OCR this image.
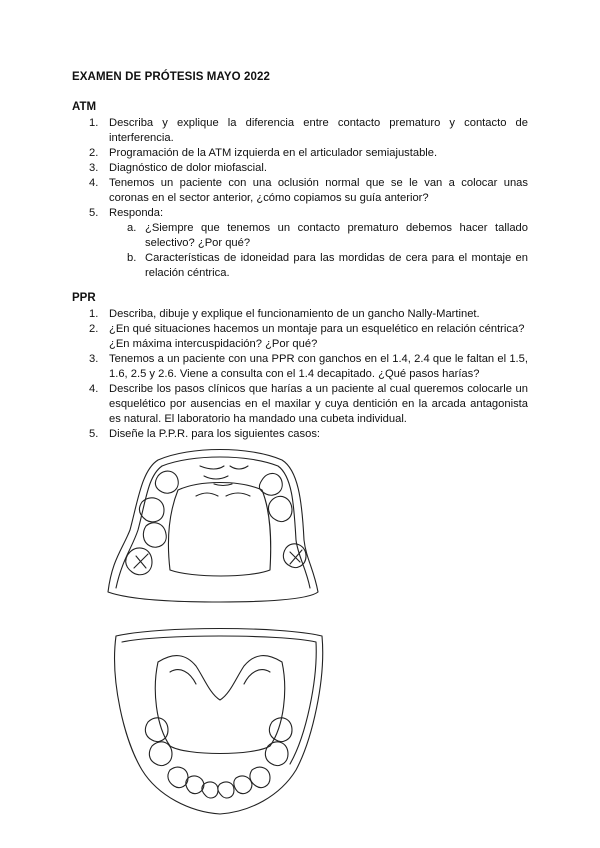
EXAMEN DE PRÓTESIS MAYO 2022
ATM
1. Describa y explique la diferencia entre contacto prematuro y contacto de interferencia.
2. Programación de la ATM izquierda en el articulador semiajustable.
3. Diagnóstico de dolor miofascial.
4. Tenemos un paciente con una oclusión normal que se le van a colocar unas coronas en el sector anterior, ¿cómo copiamos su guía anterior?
5. Responda:
a. ¿Siempre que tenemos un contacto prematuro debemos hacer tallado selectivo? ¿Por qué?
b. Características de idoneidad para las mordidas de cera para el montaje en relación céntrica.
PPR
1. Describa, dibuje y explique el funcionamiento de un gancho Nally-Martinet.
2. ¿En qué situaciones hacemos un montaje para un esquelético en relación céntrica? ¿En máxima intercuspidación? ¿Por qué?
3. Tenemos a un paciente con una PPR con ganchos en el 1.4, 2.4 que le faltan el 1.5, 1.6, 2.5 y 2.6. Viene a consulta con el 1.4 decapitado. ¿Qué pasos harías?
4. Describe los pasos clínicos que harías a un paciente al cual queremos colocarle un esquelético por ausencias en el maxilar y cuya dentición en la arcada antagonista es natural. El laboratorio ha mandado una cubeta individual.
5. Diseñe la P.P.R. para los siguientes casos:
